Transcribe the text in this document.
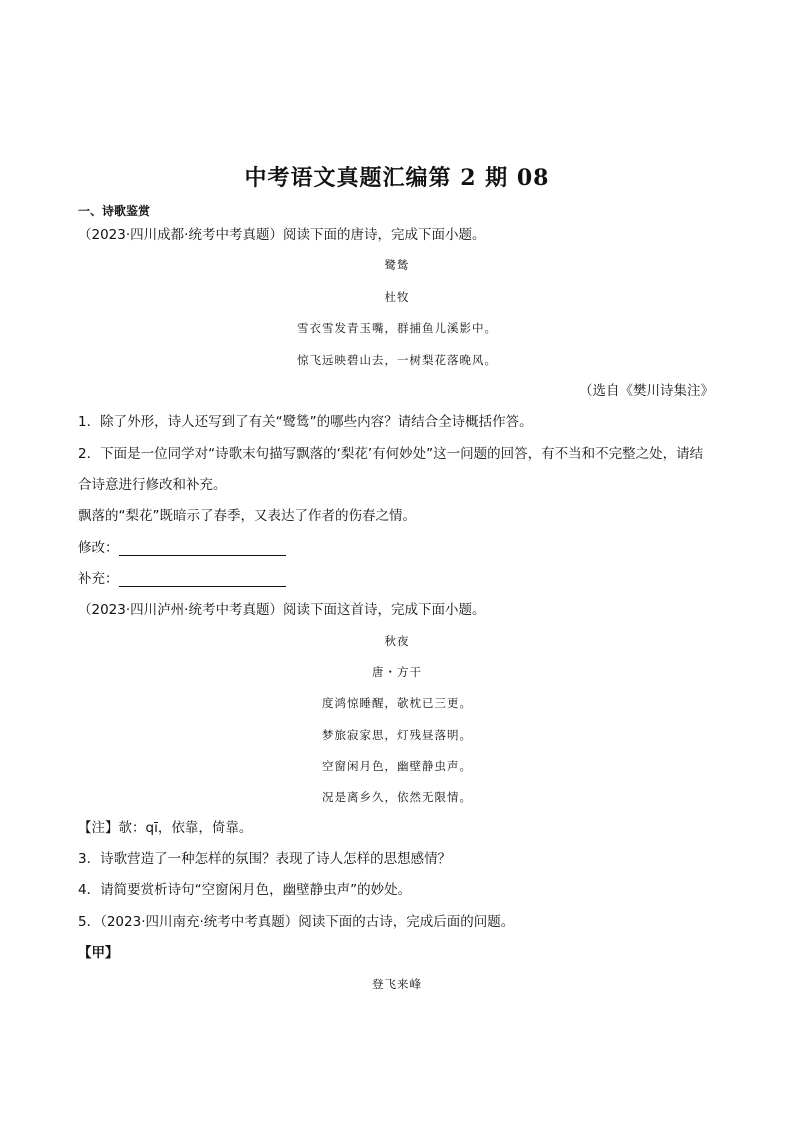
中考语文真题汇编第 2 期 08
一、诗歌鉴赏
（2023·四川成都·统考中考真题）阅读下面的唐诗，完成下面小题。
鹭鸶
杜牧
雪衣雪发青玉嘴，群捕鱼儿溪影中。
惊飞远映碧山去，一树梨花落晚风。
（选自《樊川诗集注》
1．除了外形，诗人还写到了有关“鹭鸶”的哪些内容？请结合全诗概括作答。
2．下面是一位同学对“诗歌末句描写飘落的‘梨花’有何妙处”这一问题的回答，有不当和不完整之处，请结
合诗意进行修改和补充。
飘落的“梨花”既暗示了春季，又表达了作者的伤春之情。
修改：
补充：
（2023·四川泸州·统考中考真题）阅读下面这首诗，完成下面小题。
秋夜
唐・方干
度鸿惊睡醒，欹枕已三更。
梦旅寂家思，灯残昼落明。
空窗闲月色，幽壁静虫声。
况是离乡久，依然无限情。
【注】欹：qī，依靠，倚靠。
3．诗歌营造了一种怎样的氛围？表现了诗人怎样的思想感情？
4．请简要赏析诗句“空窗闲月色，幽壁静虫声”的妙处。
5．（2023·四川南充·统考中考真题）阅读下面的古诗，完成后面的问题。
【甲】
登飞来峰
